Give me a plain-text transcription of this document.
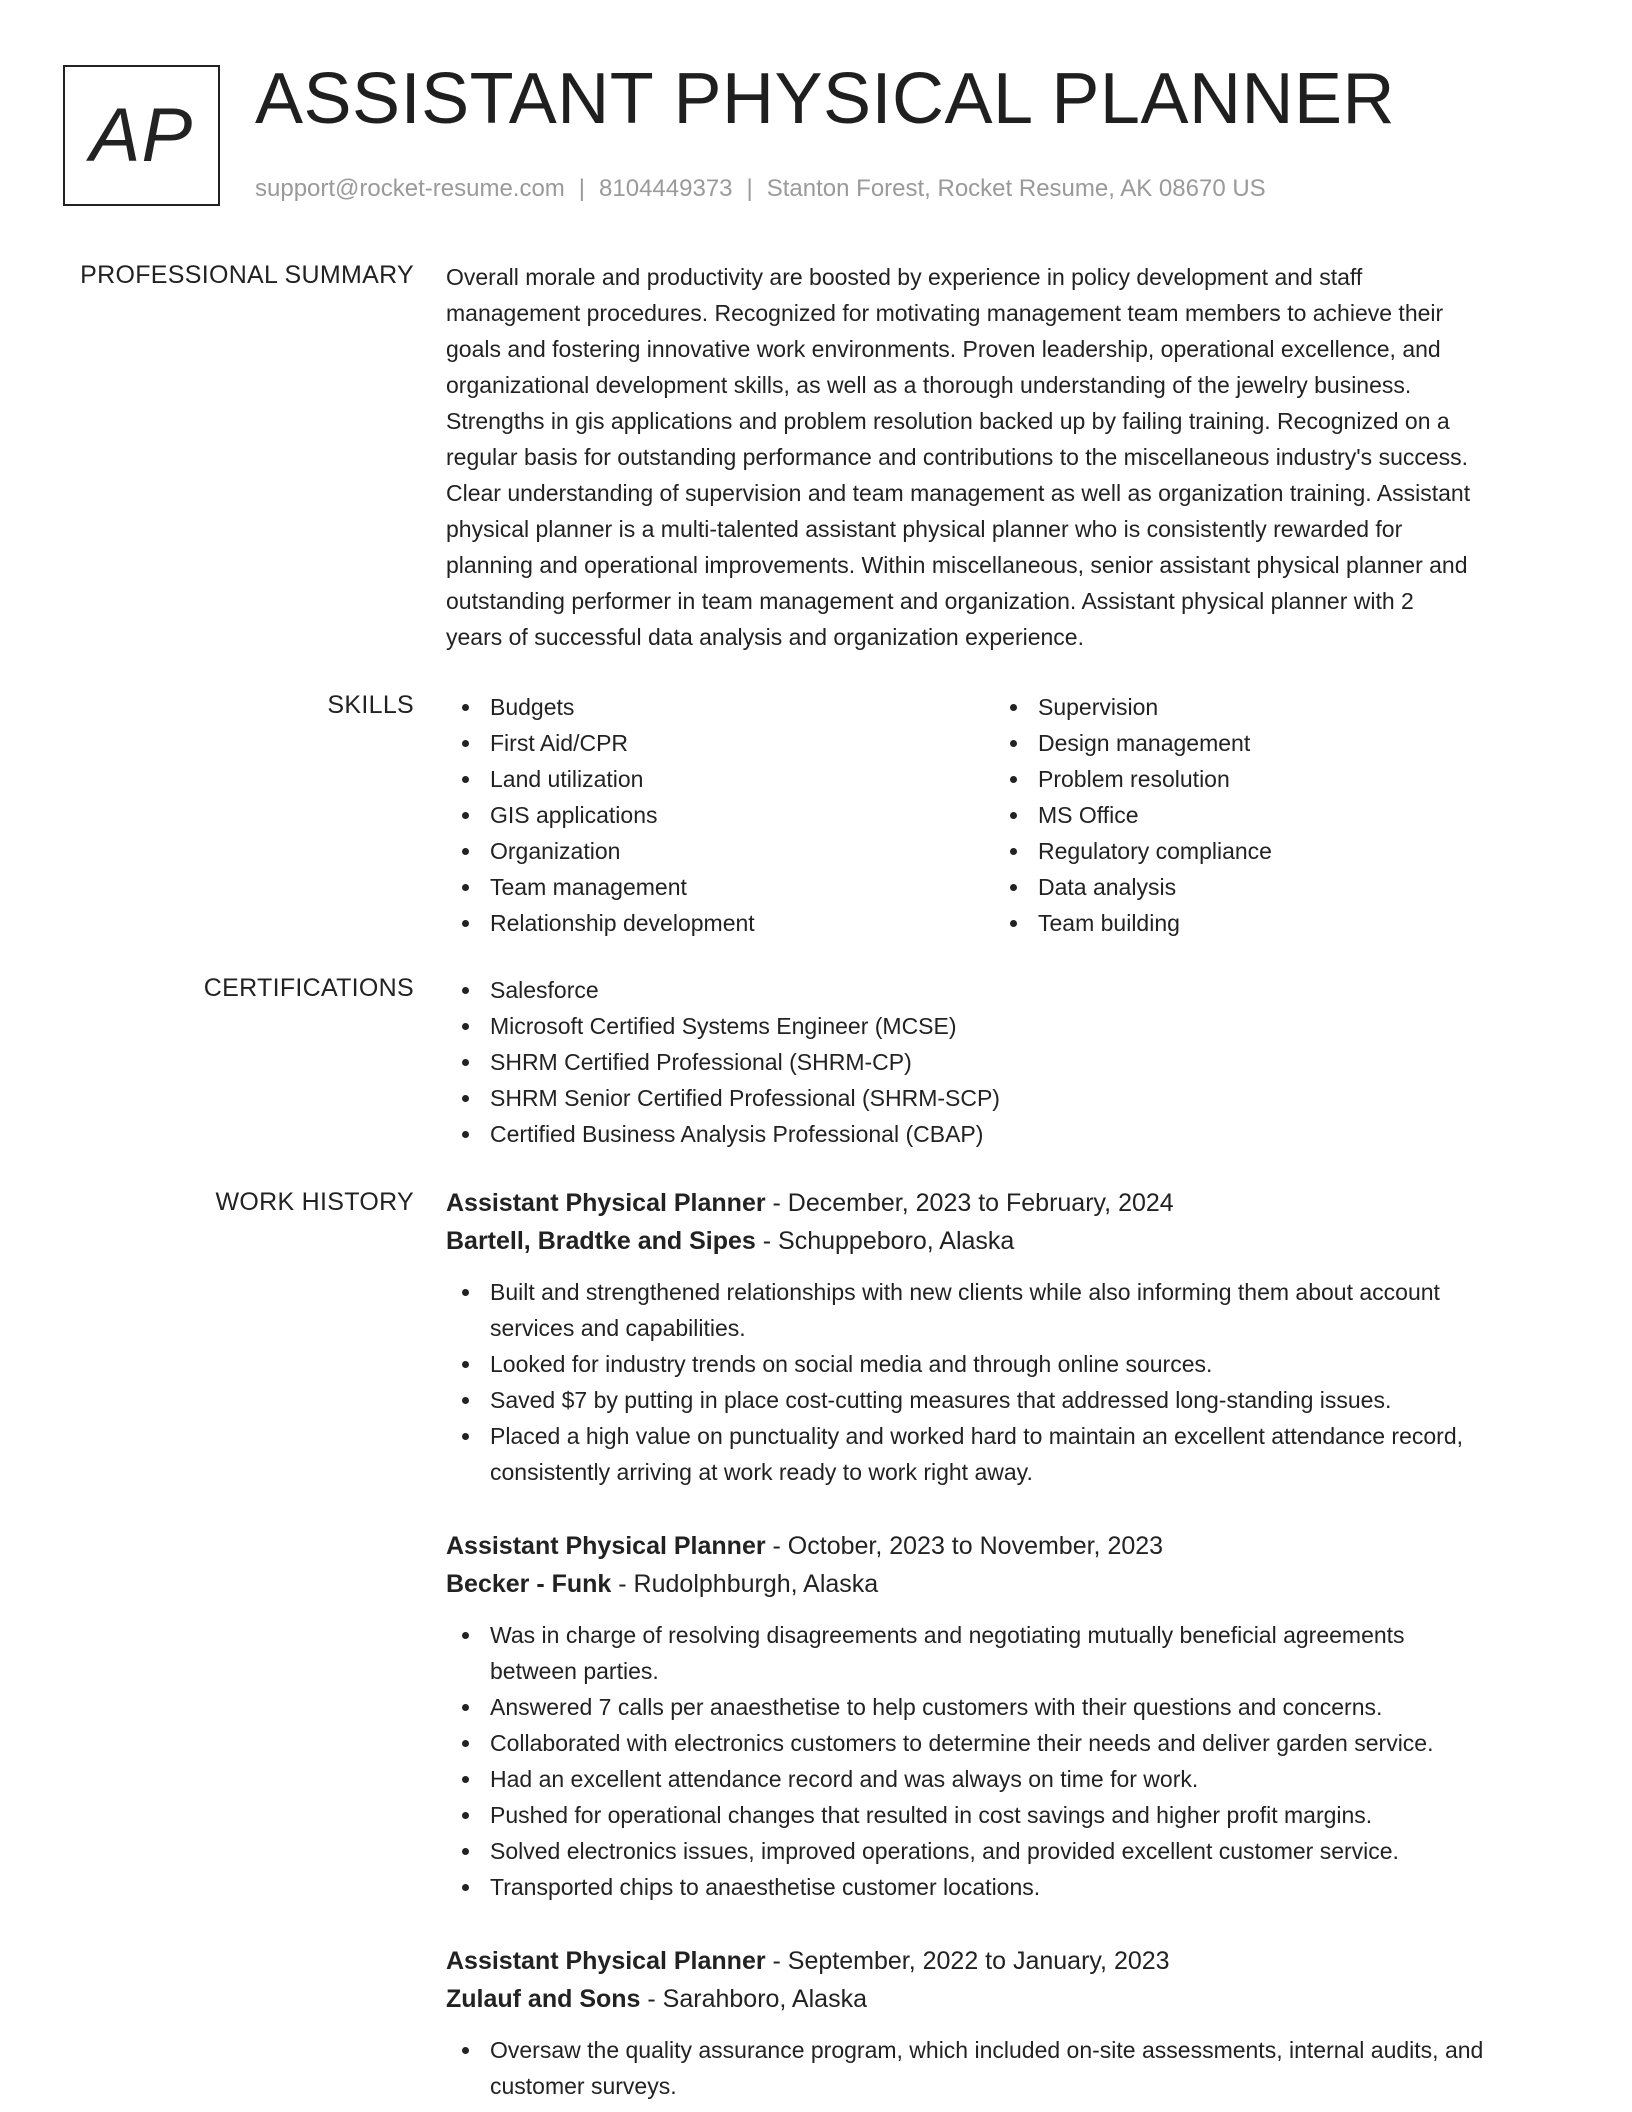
AP ASSISTANT PHYSICAL PLANNER
support@rocket-resume.com | 8104449373 | Stanton Forest, Rocket Resume, AK 08670 US
PROFESSIONAL SUMMARY Overall morale and productivity are boosted by experience in policy development and staff
management procedures. Recognized for motivating management team members to achieve their
goals and fostering innovative work environments. Proven leadership, operational excellence, and
organizational development skills, as well as a thorough understanding of the jewelry business.
Strengths in gis applications and problem resolution backed up by failing training. Recognized on a
regular basis for outstanding performance and contributions to the miscellaneous industry's success.
Clear understanding of supervision and team management as well as organization training. Assistant
physical planner is a multi-talented assistant physical planner who is consistently rewarded for
planning and operational improvements. Within miscellaneous, senior assistant physical planner and
outstanding performer in team management and organization. Assistant physical planner with 2
years of successful data analysis and organization experience.
SKILLS	Budgets
First Aid/CPR
Land utilization
GIS applications
Organization
Team management
Relationship development
Supervision
Design management
Problem resolution
MS Office
Regulatory compliance
Data analysis
Team building
CERTIFICATIONS	Salesforce
Microsoft Certified Systems Engineer (MCSE)
SHRM Certified Professional (SHRM-CP)
SHRM Senior Certified Professional (SHRM-SCP)
Certified Business Analysis Professional (CBAP)
WORK HISTORY Assistant Physical Planner - December, 2023 to February, 2024
Bartell, Bradtke and Sipes - Schuppeboro, Alaska
Built and strengthened relationships with new clients while also informing them about account
services and capabilities.
Looked for industry trends on social media and through online sources.
Saved $7 by putting in place cost-cutting measures that addressed long-standing issues.
Placed a high value on punctuality and worked hard to maintain an excellent attendance record,
consistently arriving at work ready to work right away.
Assistant Physical Planner - October, 2023 to November, 2023
Becker - Funk - Rudolphburgh, Alaska
Was in charge of resolving disagreements and negotiating mutually beneficial agreements
between parties.
Answered 7 calls per anaesthetise to help customers with their questions and concerns.
Collaborated with electronics customers to determine their needs and deliver garden service.
Had an excellent attendance record and was always on time for work.
Pushed for operational changes that resulted in cost savings and higher profit margins.
Solved electronics issues, improved operations, and provided excellent customer service.
Transported chips to anaesthetise customer locations.
Assistant Physical Planner - September, 2022 to January, 2023
Zulauf and Sons - Sarahboro, Alaska
Oversaw the quality assurance program, which included on-site assessments, internal audits, and
customer surveys.
